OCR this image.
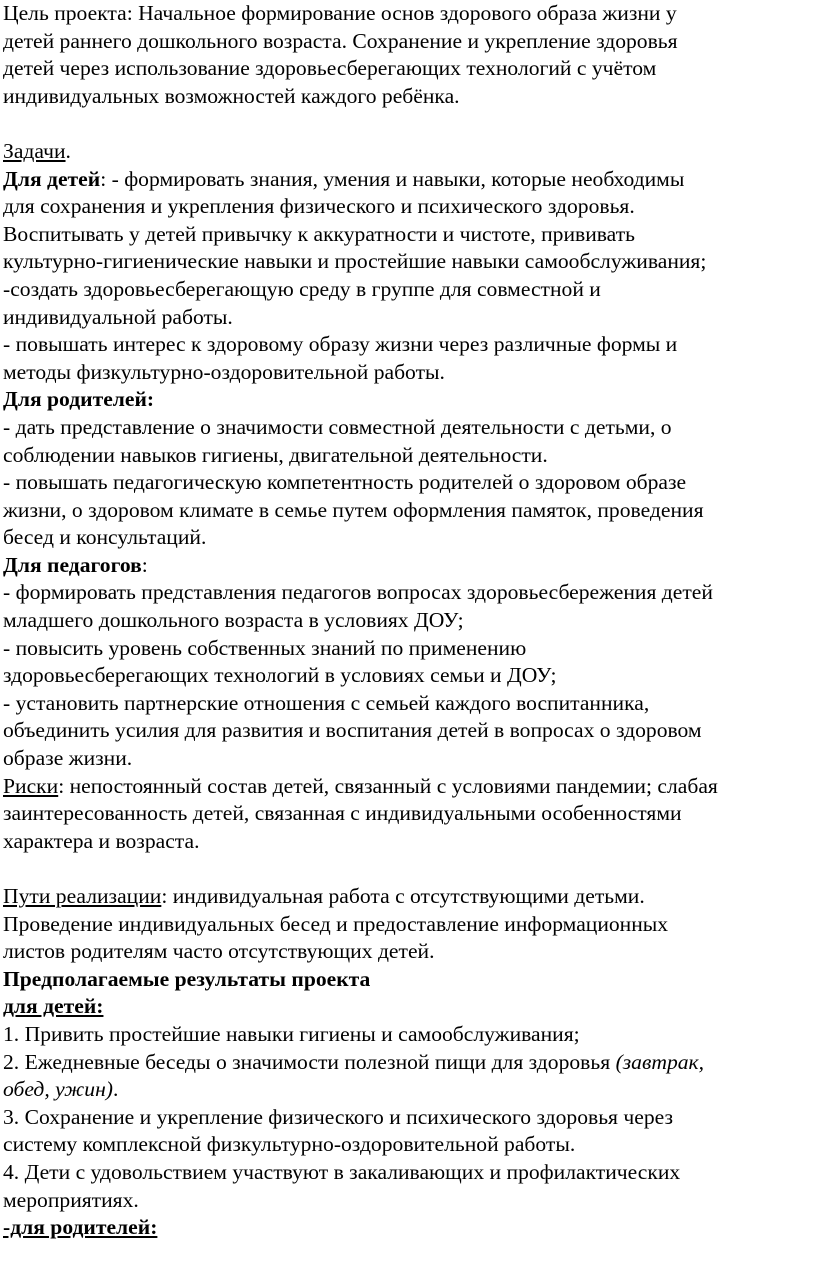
Цель проекта: Начальное формирование основ здорового образа жизни у
детей раннего дошкольного возраста. Сохранение и укрепление здоровья
детей через использование здоровьесберегающих технологий с учётом
индивидуальных возможностей каждого ребёнка.
Задачи.
Для детей: - формировать знания, умения и навыки, которые необходимы
для сохранения и укрепления физического и психического здоровья.
Воспитывать у детей привычку к аккуратности и чистоте, прививать
культурно-гигиенические навыки и простейшие навыки самообслуживания;
-создать здоровьесберегающую среду в группе для совместной и
индивидуальной работы.
- повышать интерес к здоровому образу жизни через различные формы и
методы физкультурно-оздоровительной работы.
Для родителей:
- дать представление о значимости совместной деятельности с детьми, о
соблюдении навыков гигиены, двигательной деятельности.
- повышать педагогическую компетентность родителей о здоровом образе
жизни, о здоровом климате в семье путем оформления памяток, проведения
бесед и консультаций.
Для педагогов:
- формировать представления педагогов вопросах здоровьесбережения детей
младшего дошкольного возраста в условиях ДОУ;
- повысить уровень собственных знаний по применению
здоровьесберегающих технологий в условиях семьи и ДОУ;
- установить партнерские отношения с семьей каждого воспитанника,
объединить усилия для развития и воспитания детей в вопросах о здоровом
образе жизни.
Риски: непостоянный состав детей, связанный с условиями пандемии; слабая
заинтересованность детей, связанная с индивидуальными особенностями
характера и возраста.
Пути реализации: индивидуальная работа с отсутствующими детьми.
Проведение индивидуальных бесед и предоставление информационных
листов родителям часто отсутствующих детей.
Предполагаемые результаты проекта
для детей:
1. Привить простейшие навыки гигиены и самообслуживания;
2. Ежедневные беседы о значимости полезной пищи для здоровья (завтрак,
обед, ужин).
3. Сохранение и укрепление физического и психического здоровья через
систему комплексной физкультурно-оздоровительной работы.
4. Дети с удовольствием участвуют в закаливающих и профилактических
мероприятиях.
-для родителей:
